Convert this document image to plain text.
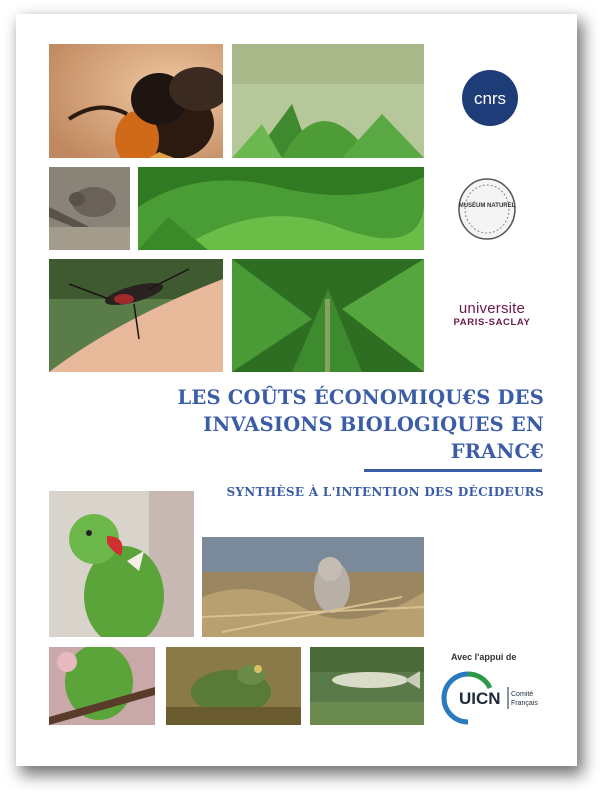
cnrs
MUSÉUM NATUREL
universite
PARIS-SACLAY
LES COÛTS ÉCONOMIQU€S DES
INVASIONS BIOLOGIQUES EN FRANC€
SYNTHÈSE À L'INTENTION DES DÉCIDEURS
Avec l'appui de
UICN Comité
Français
